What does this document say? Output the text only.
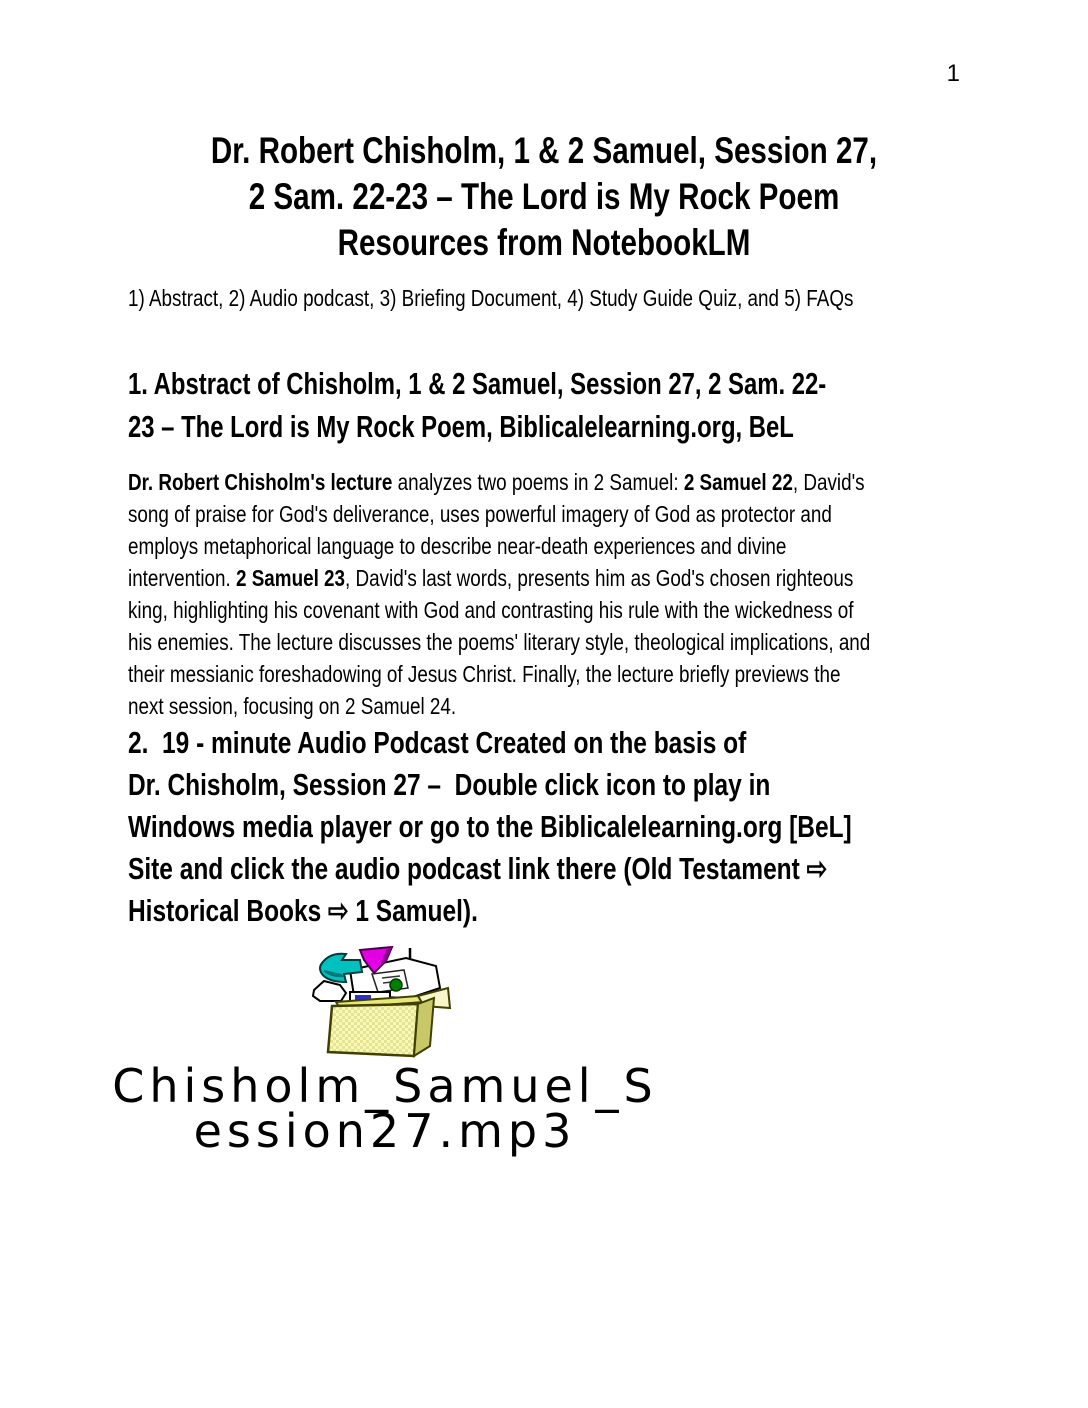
1
Dr. Robert Chisholm, 1 & 2 Samuel, Session 27,
2 Sam. 22-23 – The Lord is My Rock Poem
Resources from NotebookLM
1) Abstract, 2) Audio podcast, 3) Briefing Document, 4) Study Guide Quiz, and 5) FAQs
1. Abstract of Chisholm, 1 & 2 Samuel, Session 27, 2 Sam. 22-
23 – The Lord is My Rock Poem, Biblicalelearning.org, BeL
Dr. Robert Chisholm's lecture analyzes two poems in 2 Samuel: 2 Samuel 22, David's
song of praise for God's deliverance, uses powerful imagery of God as protector and
employs metaphorical language to describe near-death experiences and divine
intervention. 2 Samuel 23, David's last words, presents him as God's chosen righteous
king, highlighting his covenant with God and contrasting his rule with the wickedness of
his enemies. The lecture discusses the poems' literary style, theological implications, and
their messianic foreshadowing of Jesus Christ. Finally, the lecture briefly previews the
next session, focusing on 2 Samuel 24.
2.  19 - minute Audio Podcast Created on the basis of
Dr. Chisholm, Session 27 –  Double click icon to play in
Windows media player or go to the Biblicalelearning.org [BeL]
Site and click the audio podcast link there (Old Testament ⇨
Historical Books ⇨ 1 Samuel).
Chisholm_Samuel_S
ession27.mp3
